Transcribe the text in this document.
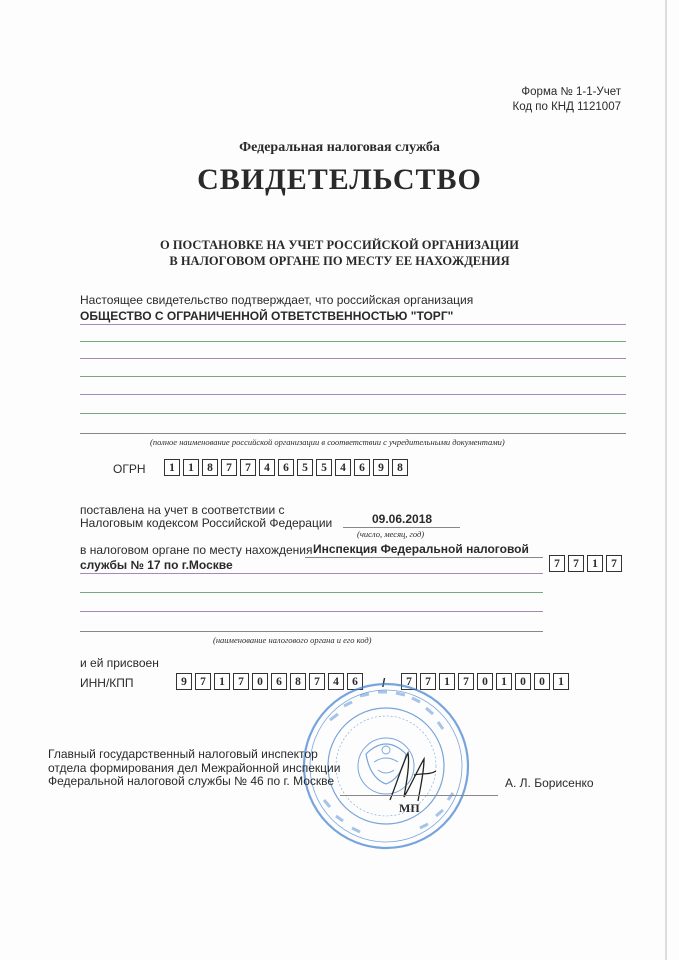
Форма № 1-1-Учет
Код по КНД 1121007
Федеральная налоговая служба
СВИДЕТЕЛЬСТВО
О ПОСТАНОВКЕ НА УЧЕТ РОССИЙСКОЙ ОРГАНИЗАЦИИ
В НАЛОГОВОМ ОРГАНЕ ПО МЕСТУ ЕЕ НАХОЖДЕНИЯ
Настоящее свидетельство подтверждает, что российская организация
ОБЩЕСТВО С ОГРАНИЧЕННОЙ ОТВЕТСТВЕННОСТЬЮ "ТОРГ"
(полное наименование российской организации в соответствии с учредительными документами)
ОГРН	1	1	8	7	7	4	6	5	5	4	6	9	8
поставлена на учет в соответствии с
Налоговым кодексом Российской Федерации	09.06.2018
(число, месяц, год)
в налоговом органе по месту нахождения Инспекция Федеральной налоговой
службы № 17 по г.Москве	7	7	1	7
(наименование налогового органа и его код)
и ей присвоен
ИНН/КПП	9	7	1	7	0	6	8	7	4	6	/	7	7	1	7	0	1	0	0	1
Главный государственный налоговый инспектор
отдела формирования дел Межрайонной инспекции
Федеральной налоговой службы № 46 по г. Москве	А. Л. Борисенко
МП
